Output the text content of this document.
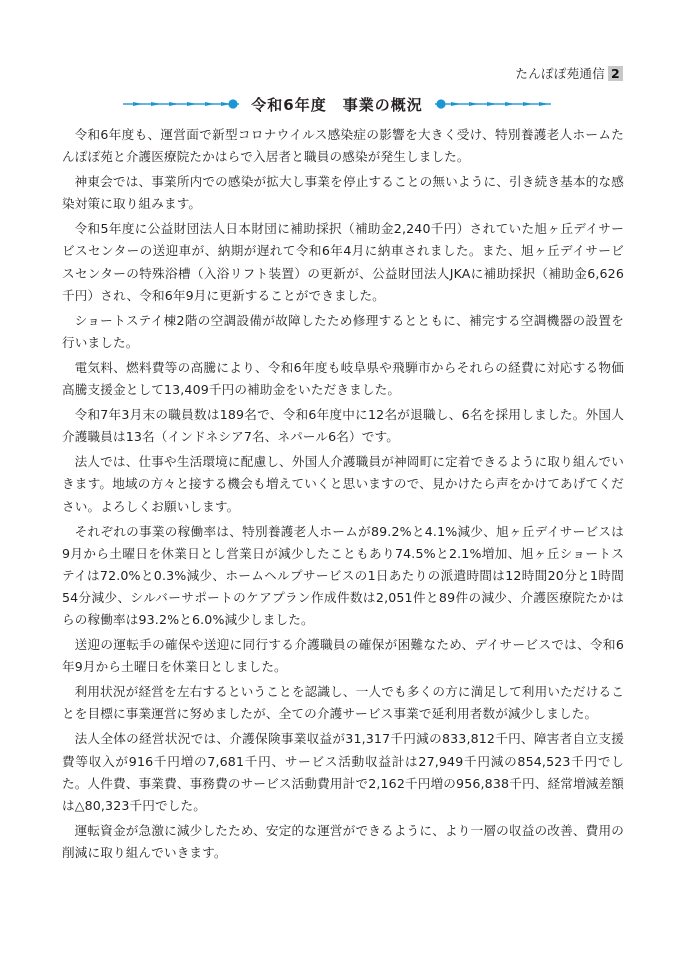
たんぽぽ苑通信 2
令和6年度　事業の概況

令和6年度も、運営面で新型コロナウイルス感染症の影響を大きく受け、特別養護老人ホームたんぽぽ苑と介護医療院たかはらで入居者と職員の感染が発生しました。

神東会では、事業所内での感染が拡大し事業を停止することの無いように、引き続き基本的な感染対策に取り組みます。

令和5年度に公益財団法人日本財団に補助採択（補助金2,240千円）されていた旭ヶ丘デイサービスセンターの送迎車が、納期が遅れて令和6年4月に納車されました。また、旭ヶ丘デイサービスセンターの特殊浴槽（入浴リフト装置）の更新が、公益財団法人JKAに補助採択（補助金6,626千円）され、令和6年9月に更新することができました。

ショートステイ棟2階の空調設備が故障したため修理するとともに、補完する空調機器の設置を行いました。

電気料、燃料費等の高騰により、令和6年度も岐阜県や飛騨市からそれらの経費に対応する物価高騰支援金として13,409千円の補助金をいただきました。

令和7年3月末の職員数は189名で、令和6年度中に12名が退職し、6名を採用しました。外国人介護職員は13名（インドネシア7名、ネパール6名）です。

法人では、仕事や生活環境に配慮し、外国人介護職員が神岡町に定着できるように取り組んでいきます。地域の方々と接する機会も増えていくと思いますので、見かけたら声をかけてあげてください。よろしくお願いします。

それぞれの事業の稼働率は、特別養護老人ホームが89.2%と4.1%減少、旭ヶ丘デイサービスは9月から土曜日を休業日とし営業日が減少したこともあり74.5%と2.1%増加、旭ヶ丘ショートステイは72.0%と0.3%減少、ホームヘルプサービスの1日あたりの派遣時間は12時間20分と1時間54分減少、シルバーサポートのケアプラン作成件数は2,051件と89件の減少、介護医療院たかはらの稼働率は93.2%と6.0%減少しました。

送迎の運転手の確保や送迎に同行する介護職員の確保が困難なため、デイサービスでは、令和6年9月から土曜日を休業日としました。

利用状況が経営を左右するということを認識し、一人でも多くの方に満足して利用いただけることを目標に事業運営に努めましたが、全ての介護サービス事業で延利用者数が減少しました。

法人全体の経営状況では、介護保険事業収益が31,317千円減の833,812千円、障害者自立支援費等収入が916千円増の7,681千円、サービス活動収益計は27,949千円減の854,523千円でした。人件費、事業費、事務費のサービス活動費用計で2,162千円増の956,838千円、経常増減差額は△80,323千円でした。

運転資金が急激に減少したため、安定的な運営ができるように、より一層の収益の改善、費用の削減に取り組んでいきます。
